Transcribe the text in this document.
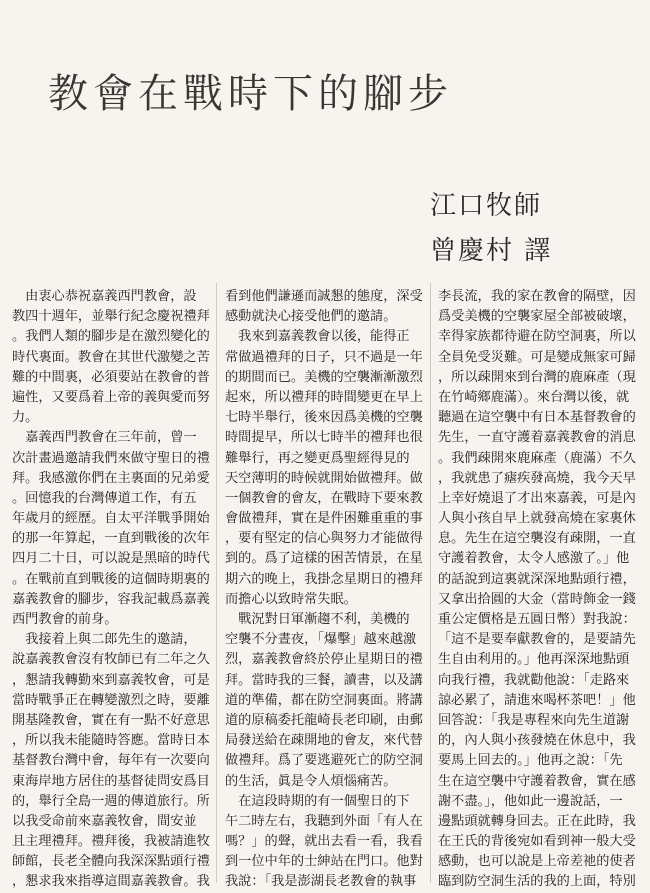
教會在戰時下的腳步
江口牧師
曾慶村 譯
　由衷心恭祝嘉義西門教會，設
教四十週年，並舉行紀念慶祝禮拜
。我們人類的腳步是在激烈變化的
時代裏面。教會在其世代激變之苦
難的中間裏，必須要站在教會的普
遍性，又要爲着上帝的義與愛而努
力。
　嘉義西門教會在三年前，曾一
次計畫過邀請我們來做守聖日的禮
拜。我感激你們在主裏面的兄弟愛
。回憶我的台灣傳道工作，有五
年歲月的經歷。自太平洋戰爭開始
的那一年算起，一直到戰後的次年
四月二十日，可以說是黑暗的時代
。在戰前直到戰後的這個時期裏的
嘉義教會的腳步，容我記載爲嘉義
西門教會的前身。
　我接着上與二郎先生的邀請，
說嘉義教會沒有牧師已有二年之久
，懇請我轉勤來到嘉義牧會，可是
當時戰爭正在轉變激烈之時，要離
開基隆教會，實在有一點不好意思
，所以我未能隨時答應。當時日本
基督教台灣中會，每年有一次要向
東海岸地方居住的基督徒問安爲目
的，舉行全島一週的傳道旅行。所
以我受命前來嘉義牧會，間安並
且主理禮拜。禮拜後，我被請進牧
師館，長老全體向我深深點頭行禮
，懇求我來指導這間嘉義教會。我
看到他們謙遜而誠懇的態度，深受
感動就決心接受他們的邀請。
　我來到嘉義教會以後，能得正
常做過禮拜的日子，只不過是一年
的期間而已。美機的空襲漸漸激烈
起來，所以禮拜的時間變更在早上
七時半舉行，後來因爲美機的空襲
時間提早，所以七時半的禮拜也很
難舉行，再之變更爲聖經得見的
天空薄明的時候就開始做禮拜。做
一個教會的會友，在戰時下要來教
會做禮拜，實在是件困難重重的事
，要有堅定的信心與努力才能做得
到的。爲了這樣的困苦情景，在星
期六的晚上，我掛念星期日的禮拜
而擔心以致時常失眠。
　戰況對日軍漸趨不利，美機的
空襲不分晝夜，「爆擊」越來越激
烈，嘉義教會終於停止星期日的禮
拜。當時我的三餐，讀書，以及講
道的準備，都在防空洞裏面。將講
道的原稿委托龍崎長老印刷，由郵
局發送給在疎開地的會友，來代替
做禮拜。爲了要逃避死亡的防空洞
的生活，眞是令人煩惱痛苦。
　在這段時期的有一個聖日的下
午二時左右，我聽到外面「有人在
嗎？」的聲，就出去看一看，我看
到一位中年的士紳站在門口。他對
我說：「我是澎湖長老教會的執事
李長流，我的家在教會的隔壁，因
爲受美機的空襲家屋全部被破壞，
幸得家族都待避在防空洞裏，所以
全員免受災難。可是變成無家可歸
，所以疎開來到台灣的鹿麻產（現
在竹崎鄉鹿滿）。來台灣以後，就
聽過在這空襲中有日本基督教會的
先生，一直守護着嘉義教會的消息
。我們疎開來鹿麻產（鹿滿）不久
，我就患了瘧疾發高燒，我今天早
上幸好燒退了才出來嘉義，可是內
人與小孩自早上就發高燒在家裏休
息。先生在這空襲沒有疎開，一直
守護着教會，太令人感激了。」他
的話說到這裏就深深地點頭行禮，
又拿出拾圓的大金（當時飾金一錢
重公定價格是五圓日幣）對我說：
「這不是要奉獻教會的，是要請先
生自由利用的。」他再深深地點頭
向我行禮，我就勸他說：「走路來
諒必累了，請進來喝杯茶吧！」他
回答說：「我是專程來向先生道謝
的，內人與小孩發燒在休息中，我
要馬上回去的。」他再之說：「先
生在這空襲中守護着教會，實在感
謝不盡。」，他如此一邊說話，一
邊點頭就轉身回去。正在此時，我
在王氏的背後宛如看到神一般大受
感動，也可以說是上帝差祂的使者
臨到防空洞生活的我的上面，特別
